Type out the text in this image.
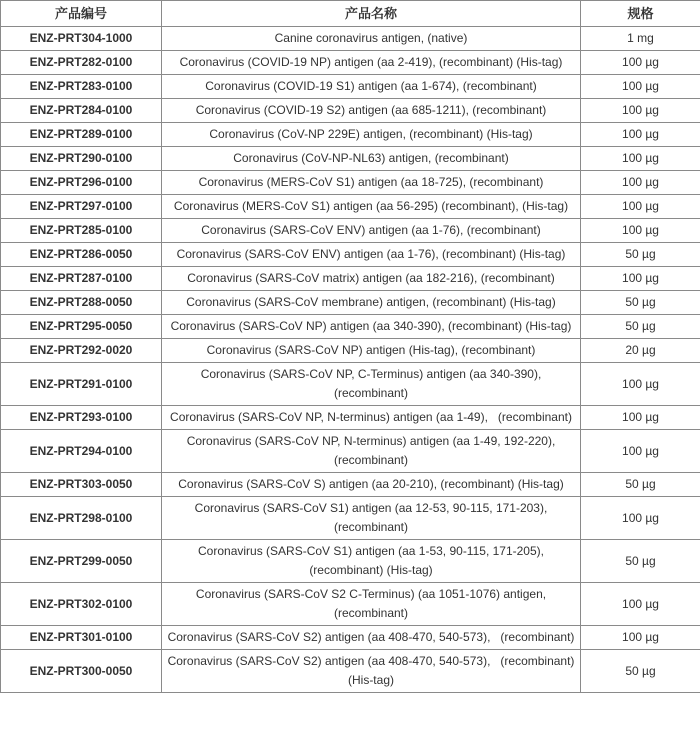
产品编号	产品名称	规格
ENZ-PRT304-1000	Canine coronavirus antigen, (native)	1 mg
ENZ-PRT282-0100	Coronavirus (COVID-19 NP) antigen (aa 2-419), (recombinant) (His-tag)	100 µg
ENZ-PRT283-0100	Coronavirus (COVID-19 S1) antigen (aa 1-674), (recombinant)	100 µg
ENZ-PRT284-0100	Coronavirus (COVID-19 S2) antigen (aa 685-1211), (recombinant)	100 µg
ENZ-PRT289-0100	Coronavirus (CoV-NP 229E) antigen, (recombinant) (His-tag)	100 µg
ENZ-PRT290-0100	Coronavirus (CoV-NP-NL63) antigen, (recombinant)	100 µg
ENZ-PRT296-0100	Coronavirus (MERS-CoV S1) antigen (aa 18-725), (recombinant)	100 µg
ENZ-PRT297-0100	Coronavirus (MERS-CoV S1) antigen (aa 56-295) (recombinant), (His-tag)	100 µg
ENZ-PRT285-0100	Coronavirus (SARS-CoV ENV) antigen (aa 1-76), (recombinant)	100 µg
ENZ-PRT286-0050	Coronavirus (SARS-CoV ENV) antigen (aa 1-76), (recombinant) (His-tag)	50 µg
ENZ-PRT287-0100	Coronavirus (SARS-CoV matrix) antigen (aa 182-216), (recombinant)	100 µg
ENZ-PRT288-0050	Coronavirus (SARS-CoV membrane) antigen, (recombinant) (His-tag)	50 µg
ENZ-PRT295-0050	Coronavirus (SARS-CoV NP) antigen (aa 340-390), (recombinant) (His-tag)	50 µg
ENZ-PRT292-0020	Coronavirus (SARS-CoV NP) antigen (His-tag), (recombinant)	20 µg
ENZ-PRT291-0100	Coronavirus (SARS-CoV NP, C-Terminus) antigen (aa 340-390), (recombinant)	100 µg
ENZ-PRT293-0100	Coronavirus (SARS-CoV NP, N-terminus) antigen (aa 1-49),   (recombinant)	100 µg
ENZ-PRT294-0100	Coronavirus (SARS-CoV NP, N-terminus) antigen (aa 1-49, 192-220), (recombinant)	100 µg
ENZ-PRT303-0050	Coronavirus (SARS-CoV S) antigen (aa 20-210), (recombinant) (His-tag)	50 µg
ENZ-PRT298-0100	Coronavirus (SARS-CoV S1) antigen (aa 12-53, 90-115, 171-203), (recombinant)	100 µg
ENZ-PRT299-0050	Coronavirus (SARS-CoV S1) antigen (aa 1-53, 90-115, 171-205), (recombinant) (His-tag)	50 µg
ENZ-PRT302-0100	Coronavirus (SARS-CoV S2 C-Terminus) (aa 1051-1076) antigen, (recombinant)	100 µg
ENZ-PRT301-0100	Coronavirus (SARS-CoV S2) antigen (aa 408-470, 540-573),   (recombinant)	100 µg
ENZ-PRT300-0050	Coronavirus (SARS-CoV S2) antigen (aa 408-470, 540-573),   (recombinant) (His-tag)	50 µg
